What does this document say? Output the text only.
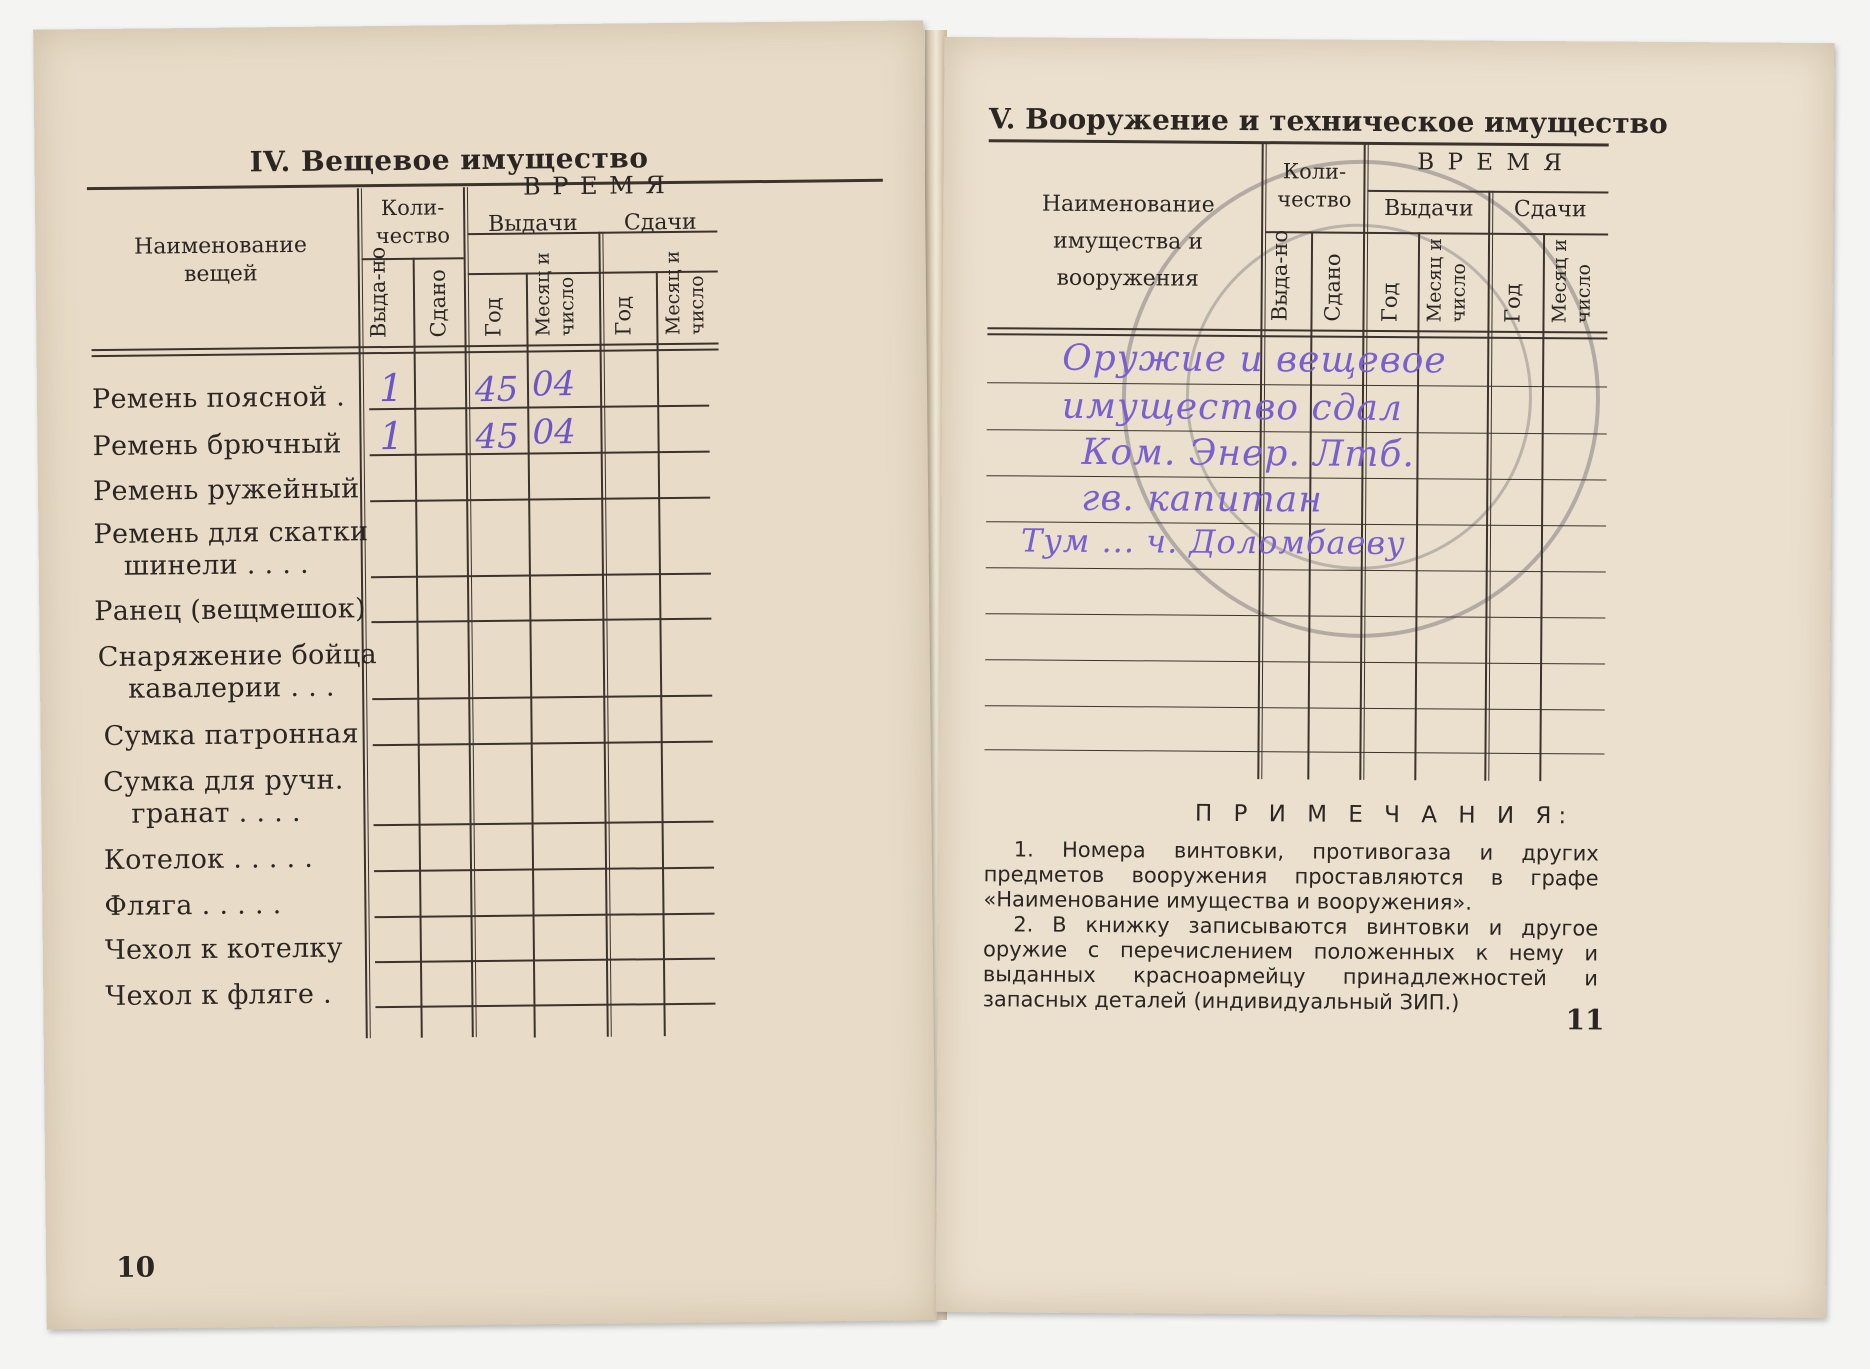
IV. Вещевое имущество
Наименование вещей
Коли-чество
В Р Е М Я
Выдачи	Сдачи
Выда-но Сдано Год Месяц и число Год Месяц и число
Ремень поясной .
Ремень брючный
Ремень ружейный
Ремень для скатки
шинели . . . .
Ранец (вещмешок)
Снаряжение бойца
кавалерии . . .
Сумка патронная
Сумка для ручн.
гранат . . . .
Котелок . . . . .
Фляга . . . . .
Чехол к котелку
Чехол к фляге .
1 45 04
1 45 04
10
V. Вооружение и техническое имущество
Наименование имущества и вооружения
Коли-чество
В Р Е М Я
Выдачи	Сдачи
Выда-но Сдано Год Месяц и число Год Месяц и число
Оружие и вещевое
имущество сдал
Ком. Энер. Лтб.
гв. капитан
Тум ... ч. Доломбаеву
П Р И М Е Ч А Н И Я:

1. Номера винтовки, противогаза и других предметов вооружения проставляются в графе «Наименование имущества и вооружения».

2. В книжку записываются винтовки и другое оружие с перечислением положенных к нему и выданных красноармейцу принадлежностей и запасных деталей (индивидуальный ЗИП.)

11
